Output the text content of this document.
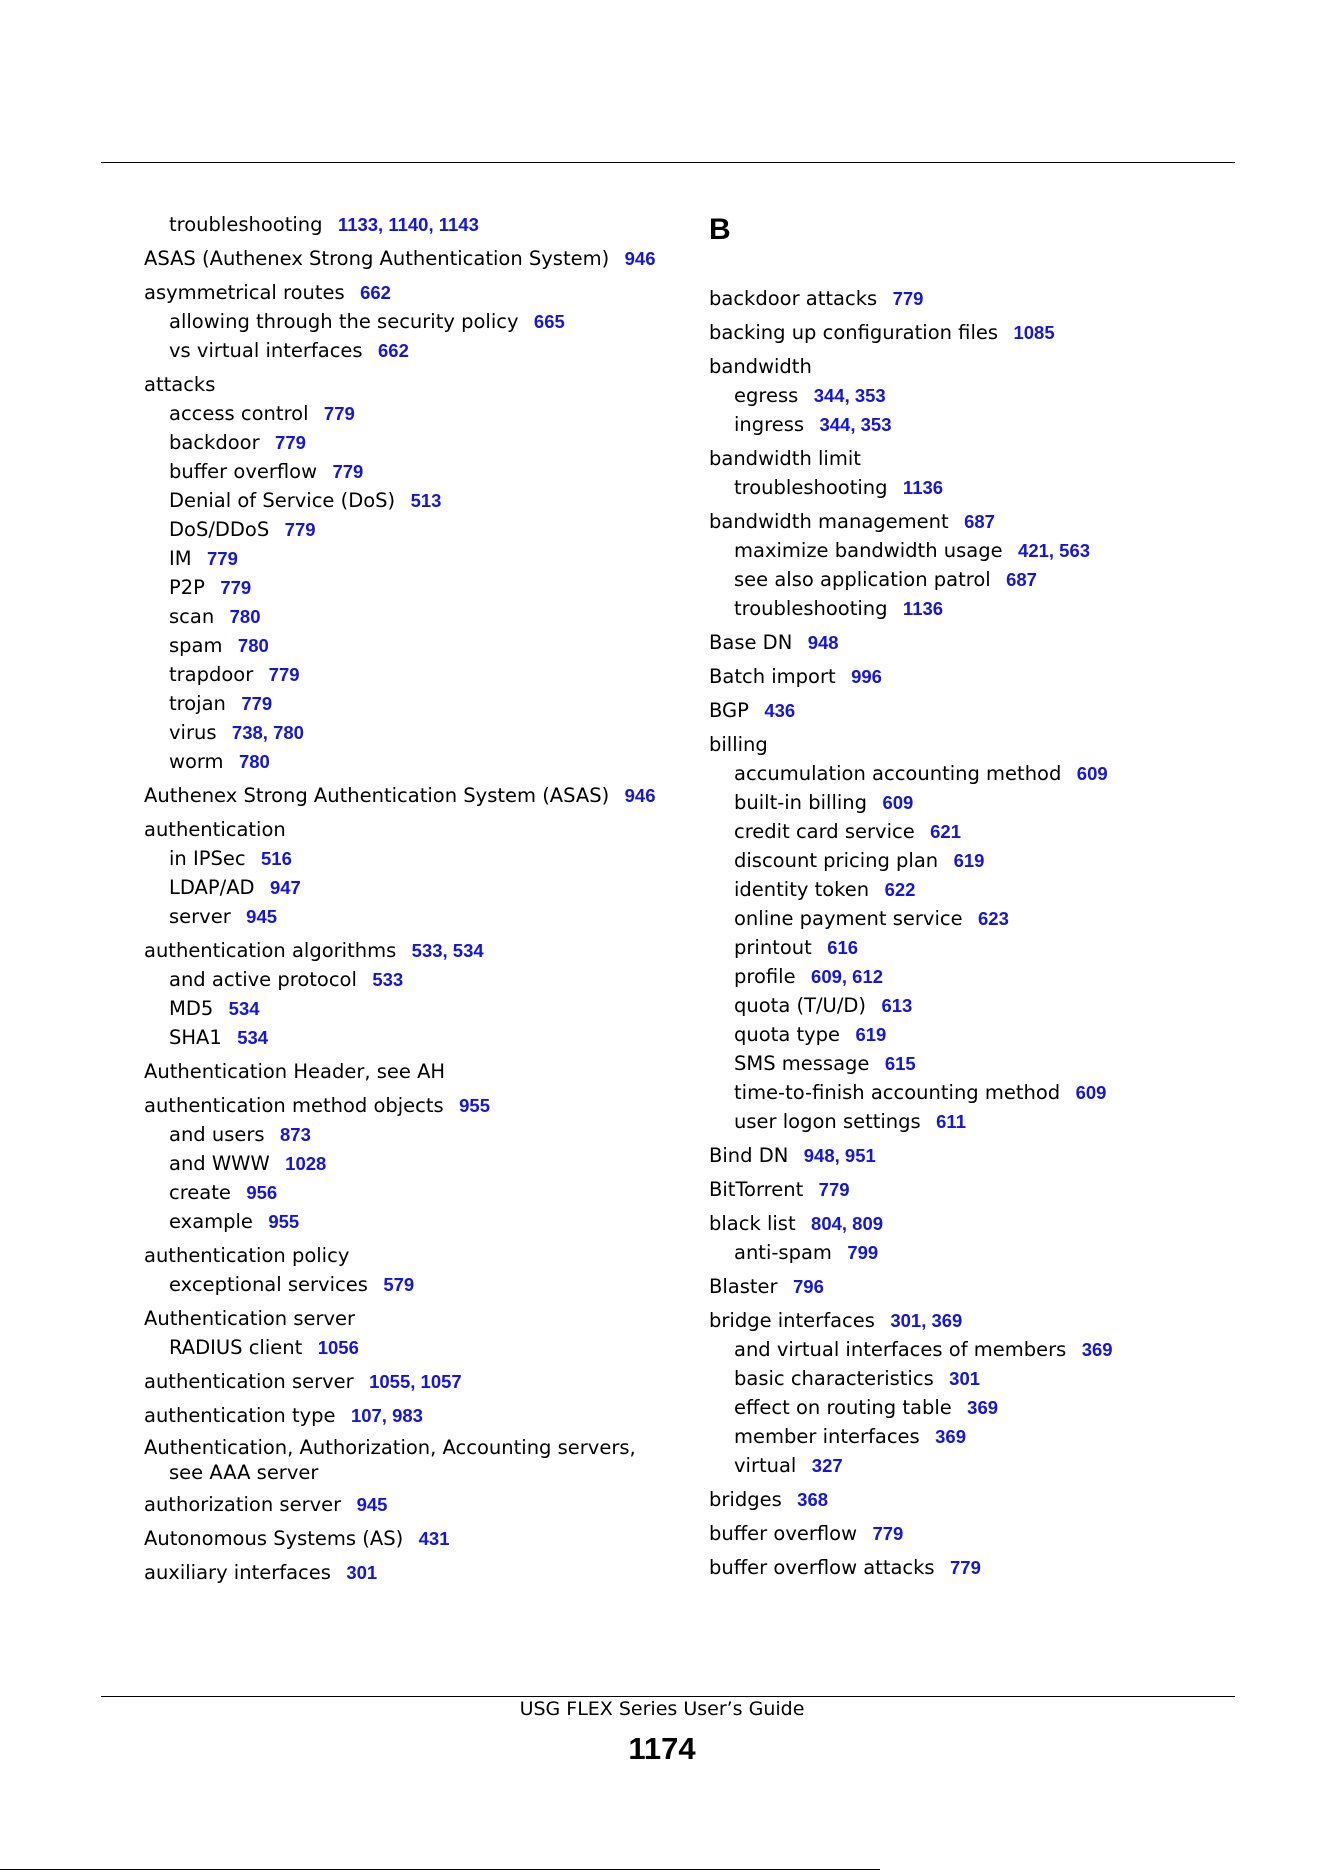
troubleshooting 1133, 1140, 1143
ASAS (Authenex Strong Authentication System) 946
asymmetrical routes 662
allowing through the security policy 665
vs virtual interfaces 662
attacks
access control 779
backdoor 779
buffer overflow 779
Denial of Service (DoS) 513
DoS/DDoS 779
IM 779
P2P 779
scan 780
spam 780
trapdoor 779
trojan 779
virus 738, 780
worm 780
Authenex Strong Authentication System (ASAS) 946
authentication
in IPSec 516
LDAP/AD 947
server 945
authentication algorithms 533, 534
and active protocol 533
MD5 534
SHA1 534
Authentication Header, see AH
authentication method objects 955
and users 873
and WWW 1028
create 956
example 955
authentication policy
exceptional services 579
Authentication server
RADIUS client 1056
authentication server 1055, 1057
authentication type 107, 983
Authentication, Authorization, Accounting servers,
see AAA server
authorization server 945
Autonomous Systems (AS) 431
auxiliary interfaces 301
B
backdoor attacks 779
backing up configuration files 1085
bandwidth
egress 344, 353
ingress 344, 353
bandwidth limit
troubleshooting 1136
bandwidth management 687
maximize bandwidth usage 421, 563
see also application patrol 687
troubleshooting 1136
Base DN 948
Batch import 996
BGP 436
billing
accumulation accounting method 609
built-in billing 609
credit card service 621
discount pricing plan 619
identity token 622
online payment service 623
printout 616
profile 609, 612
quota (T/U/D) 613
quota type 619
SMS message 615
time-to-finish accounting method 609
user logon settings 611
Bind DN 948, 951
BitTorrent 779
black list 804, 809
anti-spam 799
Blaster 796
bridge interfaces 301, 369
and virtual interfaces of members 369
basic characteristics 301
effect on routing table 369
member interfaces 369
virtual 327
bridges 368
buffer overflow 779
buffer overflow attacks 779
USG FLEX Series User’s Guide
1174
